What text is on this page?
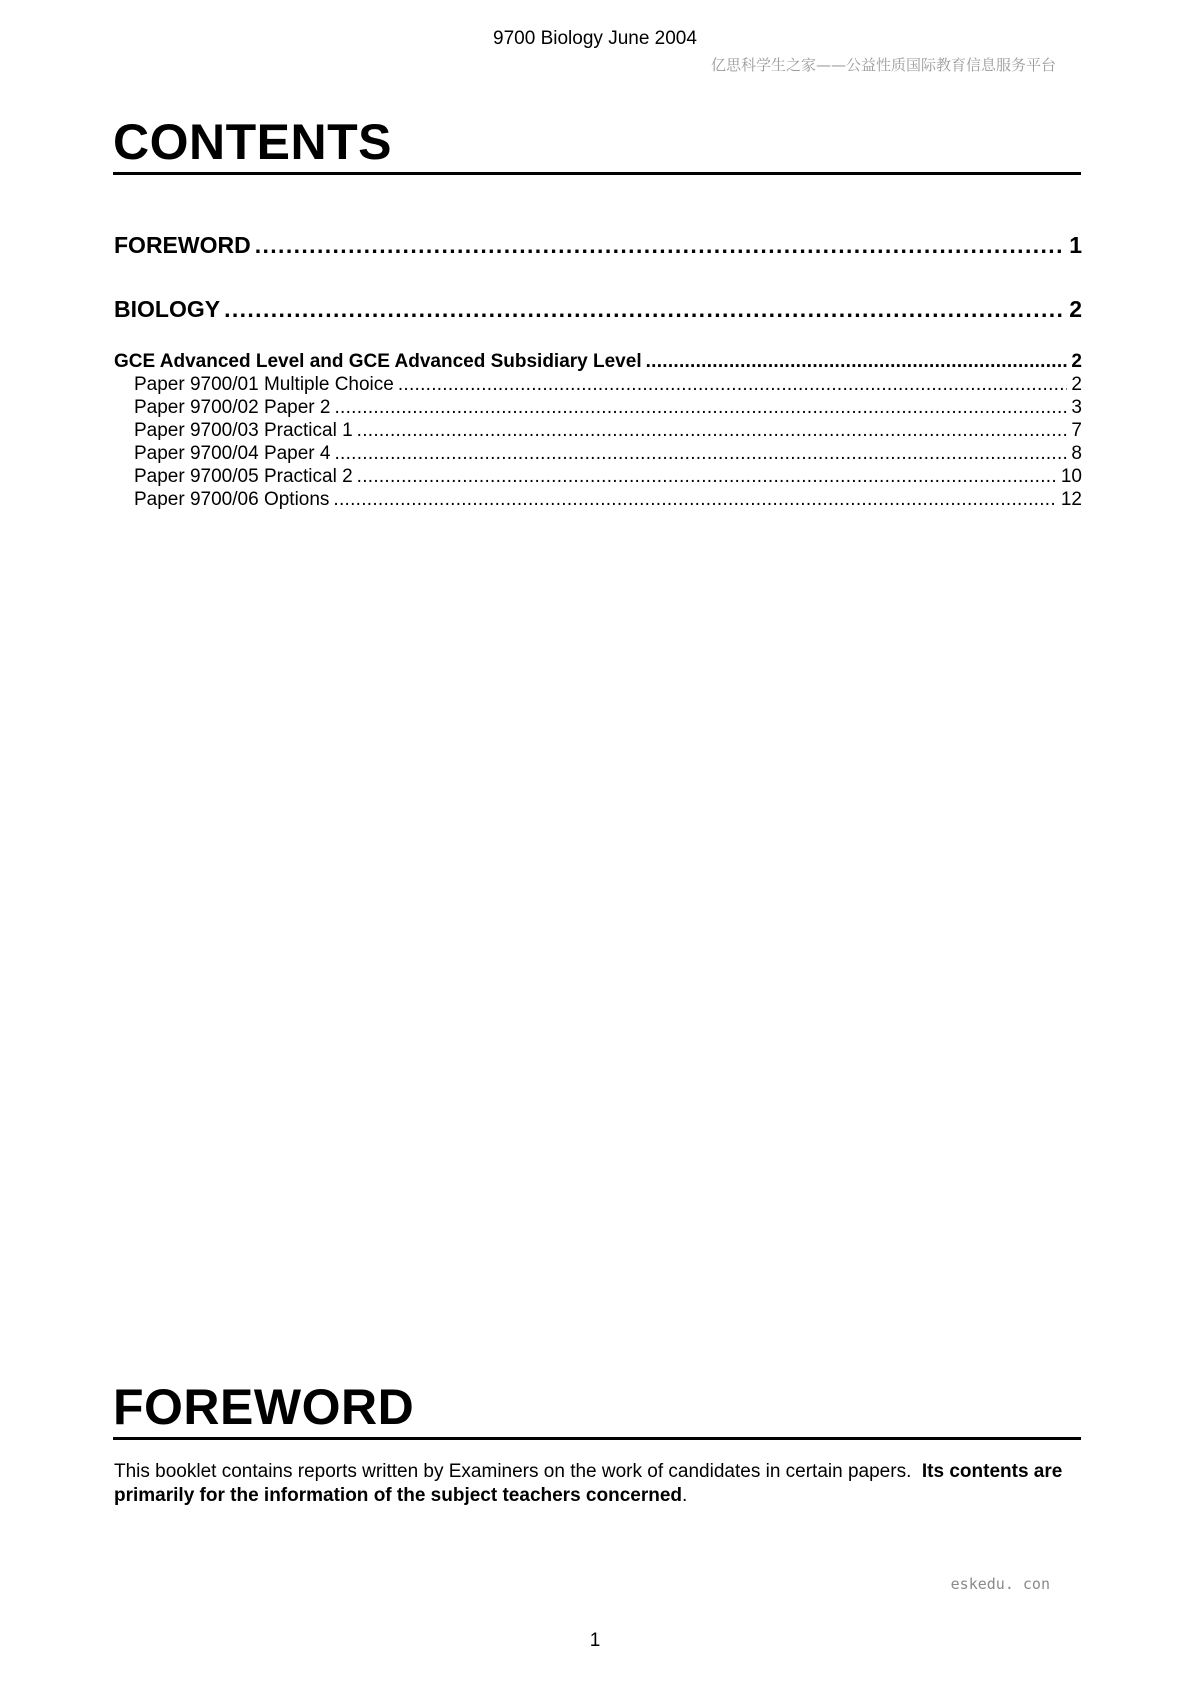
9700 Biology June 2004
亿思科学生之家——公益性质国际教育信息服务平台
CONTENTS
FOREWORD . . .	1
BIOLOGY . . .	2
GCE Advanced Level and GCE Advanced Subsidiary Level . . .	2
Paper 9700/01 Multiple Choice . . .	2
Paper 9700/02 Paper 2 . . .	3
Paper 9700/03 Practical 1 . . .	7
Paper 9700/04 Paper 4 . . .	8
Paper 9700/05 Practical 2 . . .	10
Paper 9700/06 Options . . .	12
FOREWORD
This booklet contains reports written by Examiners on the work of candidates in certain papers. Its contents are primarily for the information of the subject teachers concerned.
eskedu. con
1
